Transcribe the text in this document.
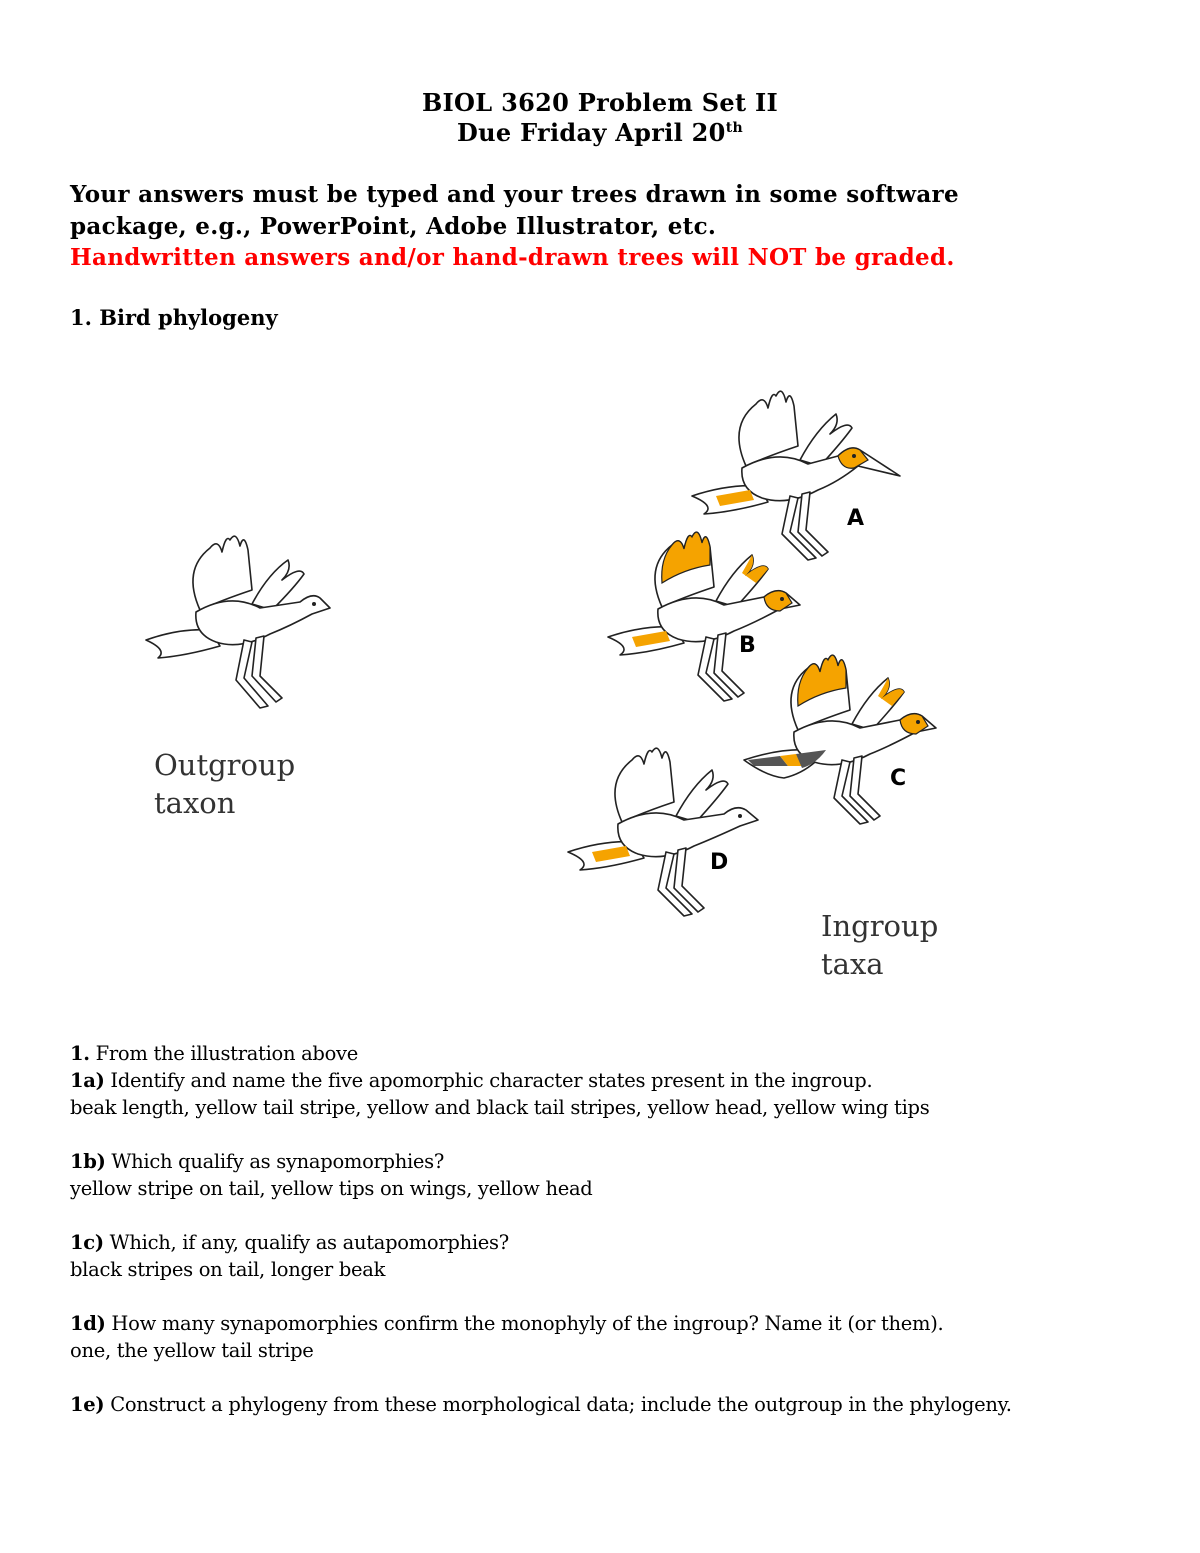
BIOL 3620 Problem Set II
Due Friday April 20th
Your answers must be typed and your trees drawn in some software
package, e.g., PowerPoint, Adobe Illustrator, etc.
Handwritten answers and/or hand-drawn trees will NOT be graded.
1. Bird phylogeny
A
B
C
D
Outgroup
taxon
Ingroup
taxa
1. From the illustration above
1a) Identify and name the five apomorphic character states present in the ingroup.
beak length, yellow tail stripe, yellow and black tail stripes, yellow head, yellow wing tips
1b) Which qualify as synapomorphies?
yellow stripe on tail, yellow tips on wings, yellow head
1c) Which, if any, qualify as autapomorphies?
black stripes on tail, longer beak
1d) How many synapomorphies confirm the monophyly of the ingroup? Name it (or them).
one, the yellow tail stripe
1e) Construct a phylogeny from these morphological data; include the outgroup in the phylogeny.
